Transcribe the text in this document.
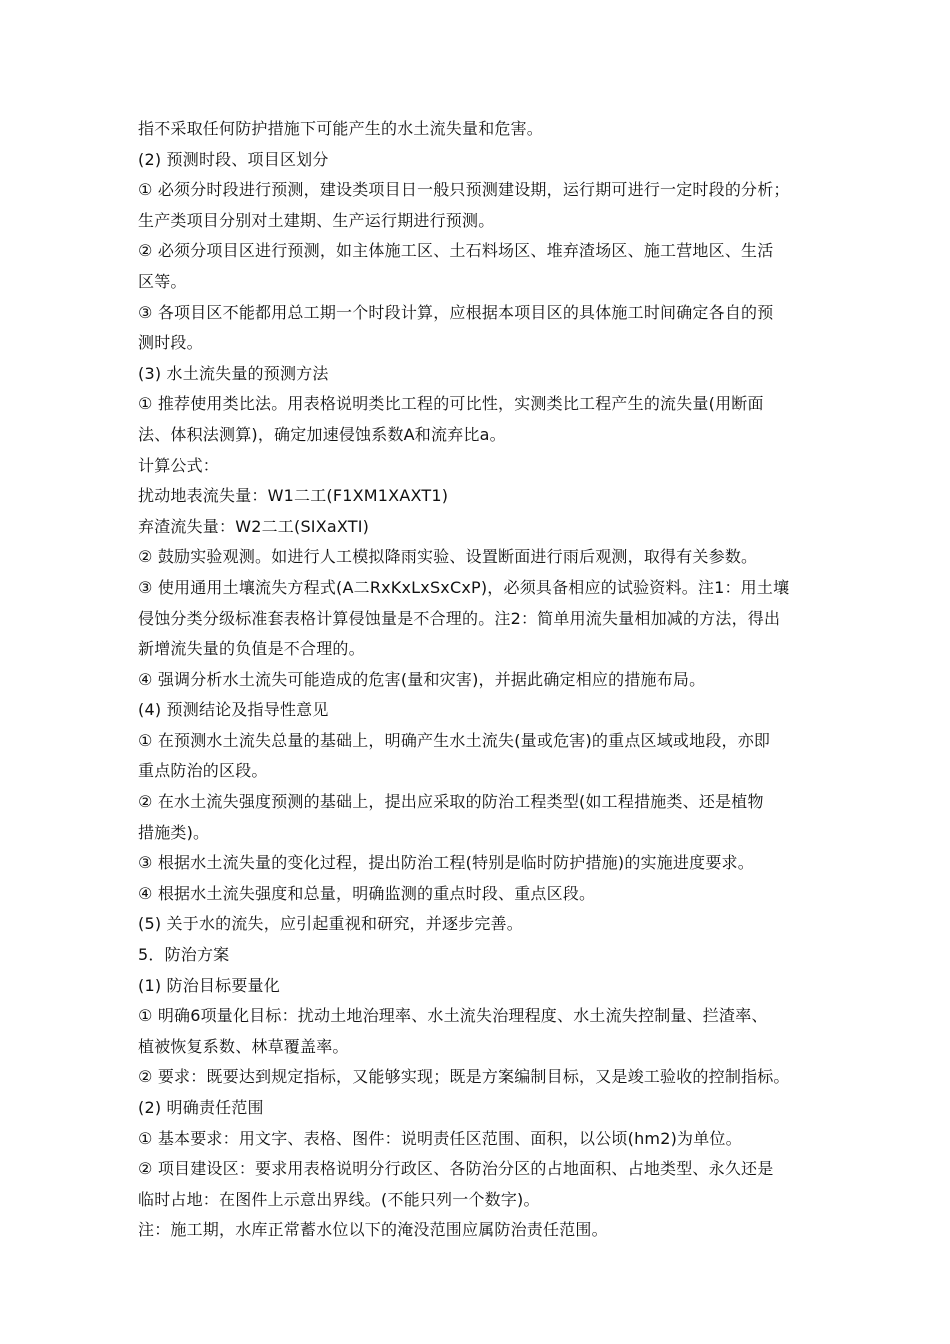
指不采取任何防护措施下可能产生的水土流失量和危害。
(2) 预测时段、项目区划分
① 必须分时段进行预测，建设类项目日一般只预测建设期，运行期可进行一定时段的分析；
生产类项目分别对土建期、生产运行期进行预测。
② 必须分项目区进行预测，如主体施工区、土石料场区、堆弃渣场区、施工营地区、生活
区等。
③ 各项目区不能都用总工期一个时段计算，应根据本项目区的具体施工时间确定各自的预
测时段。
(3) 水土流失量的预测方法
① 推荐使用类比法。用表格说明类比工程的可比性，实测类比工程产生的流失量(用断面
法、体积法测算)，确定加速侵蚀系数A和流弃比a。
计算公式：
扰动地表流失量：W1二工(F1XM1XAXT1)
弃渣流失量：W2二工(SIXaXTI)
② 鼓励实验观测。如进行人工模拟降雨实验、设置断面进行雨后观测，取得有关参数。
③ 使用通用土壤流失方程式(A二RxKxLxSxCxP)，必须具备相应的试验资料。注1：用土壤
侵蚀分类分级标准套表格计算侵蚀量是不合理的。注2：简单用流失量相加减的方法，得出
新增流失量的负值是不合理的。
④ 强调分析水土流失可能造成的危害(量和灾害)，并据此确定相应的措施布局。
(4) 预测结论及指导性意见
① 在预测水土流失总量的基础上，明确产生水土流失(量或危害)的重点区域或地段，亦即
重点防治的区段。
② 在水土流失强度预测的基础上，提出应采取的防治工程类型(如工程措施类、还是植物
措施类)。
③ 根据水土流失量的变化过程，提出防治工程(特别是临时防护措施)的实施进度要求。
④ 根据水土流失强度和总量，明确监测的重点时段、重点区段。
(5) 关于水的流失，应引起重视和研究，并逐步完善。
5．防治方案
(1) 防治目标要量化
① 明确6项量化目标：扰动土地治理率、水土流失治理程度、水土流失控制量、拦渣率、
植被恢复系数、林草覆盖率。
② 要求：既要达到规定指标，又能够实现；既是方案编制目标，又是竣工验收的控制指标。
(2) 明确责任范围
① 基本要求：用文字、表格、图件：说明责任区范围、面积，以公顷(hm2)为单位。
② 项目建设区：要求用表格说明分行政区、各防治分区的占地面积、占地类型、永久还是
临时占地：在图件上示意出界线。(不能只列一个数字)。
注：施工期，水库正常蓄水位以下的淹没范围应属防治责任范围。
